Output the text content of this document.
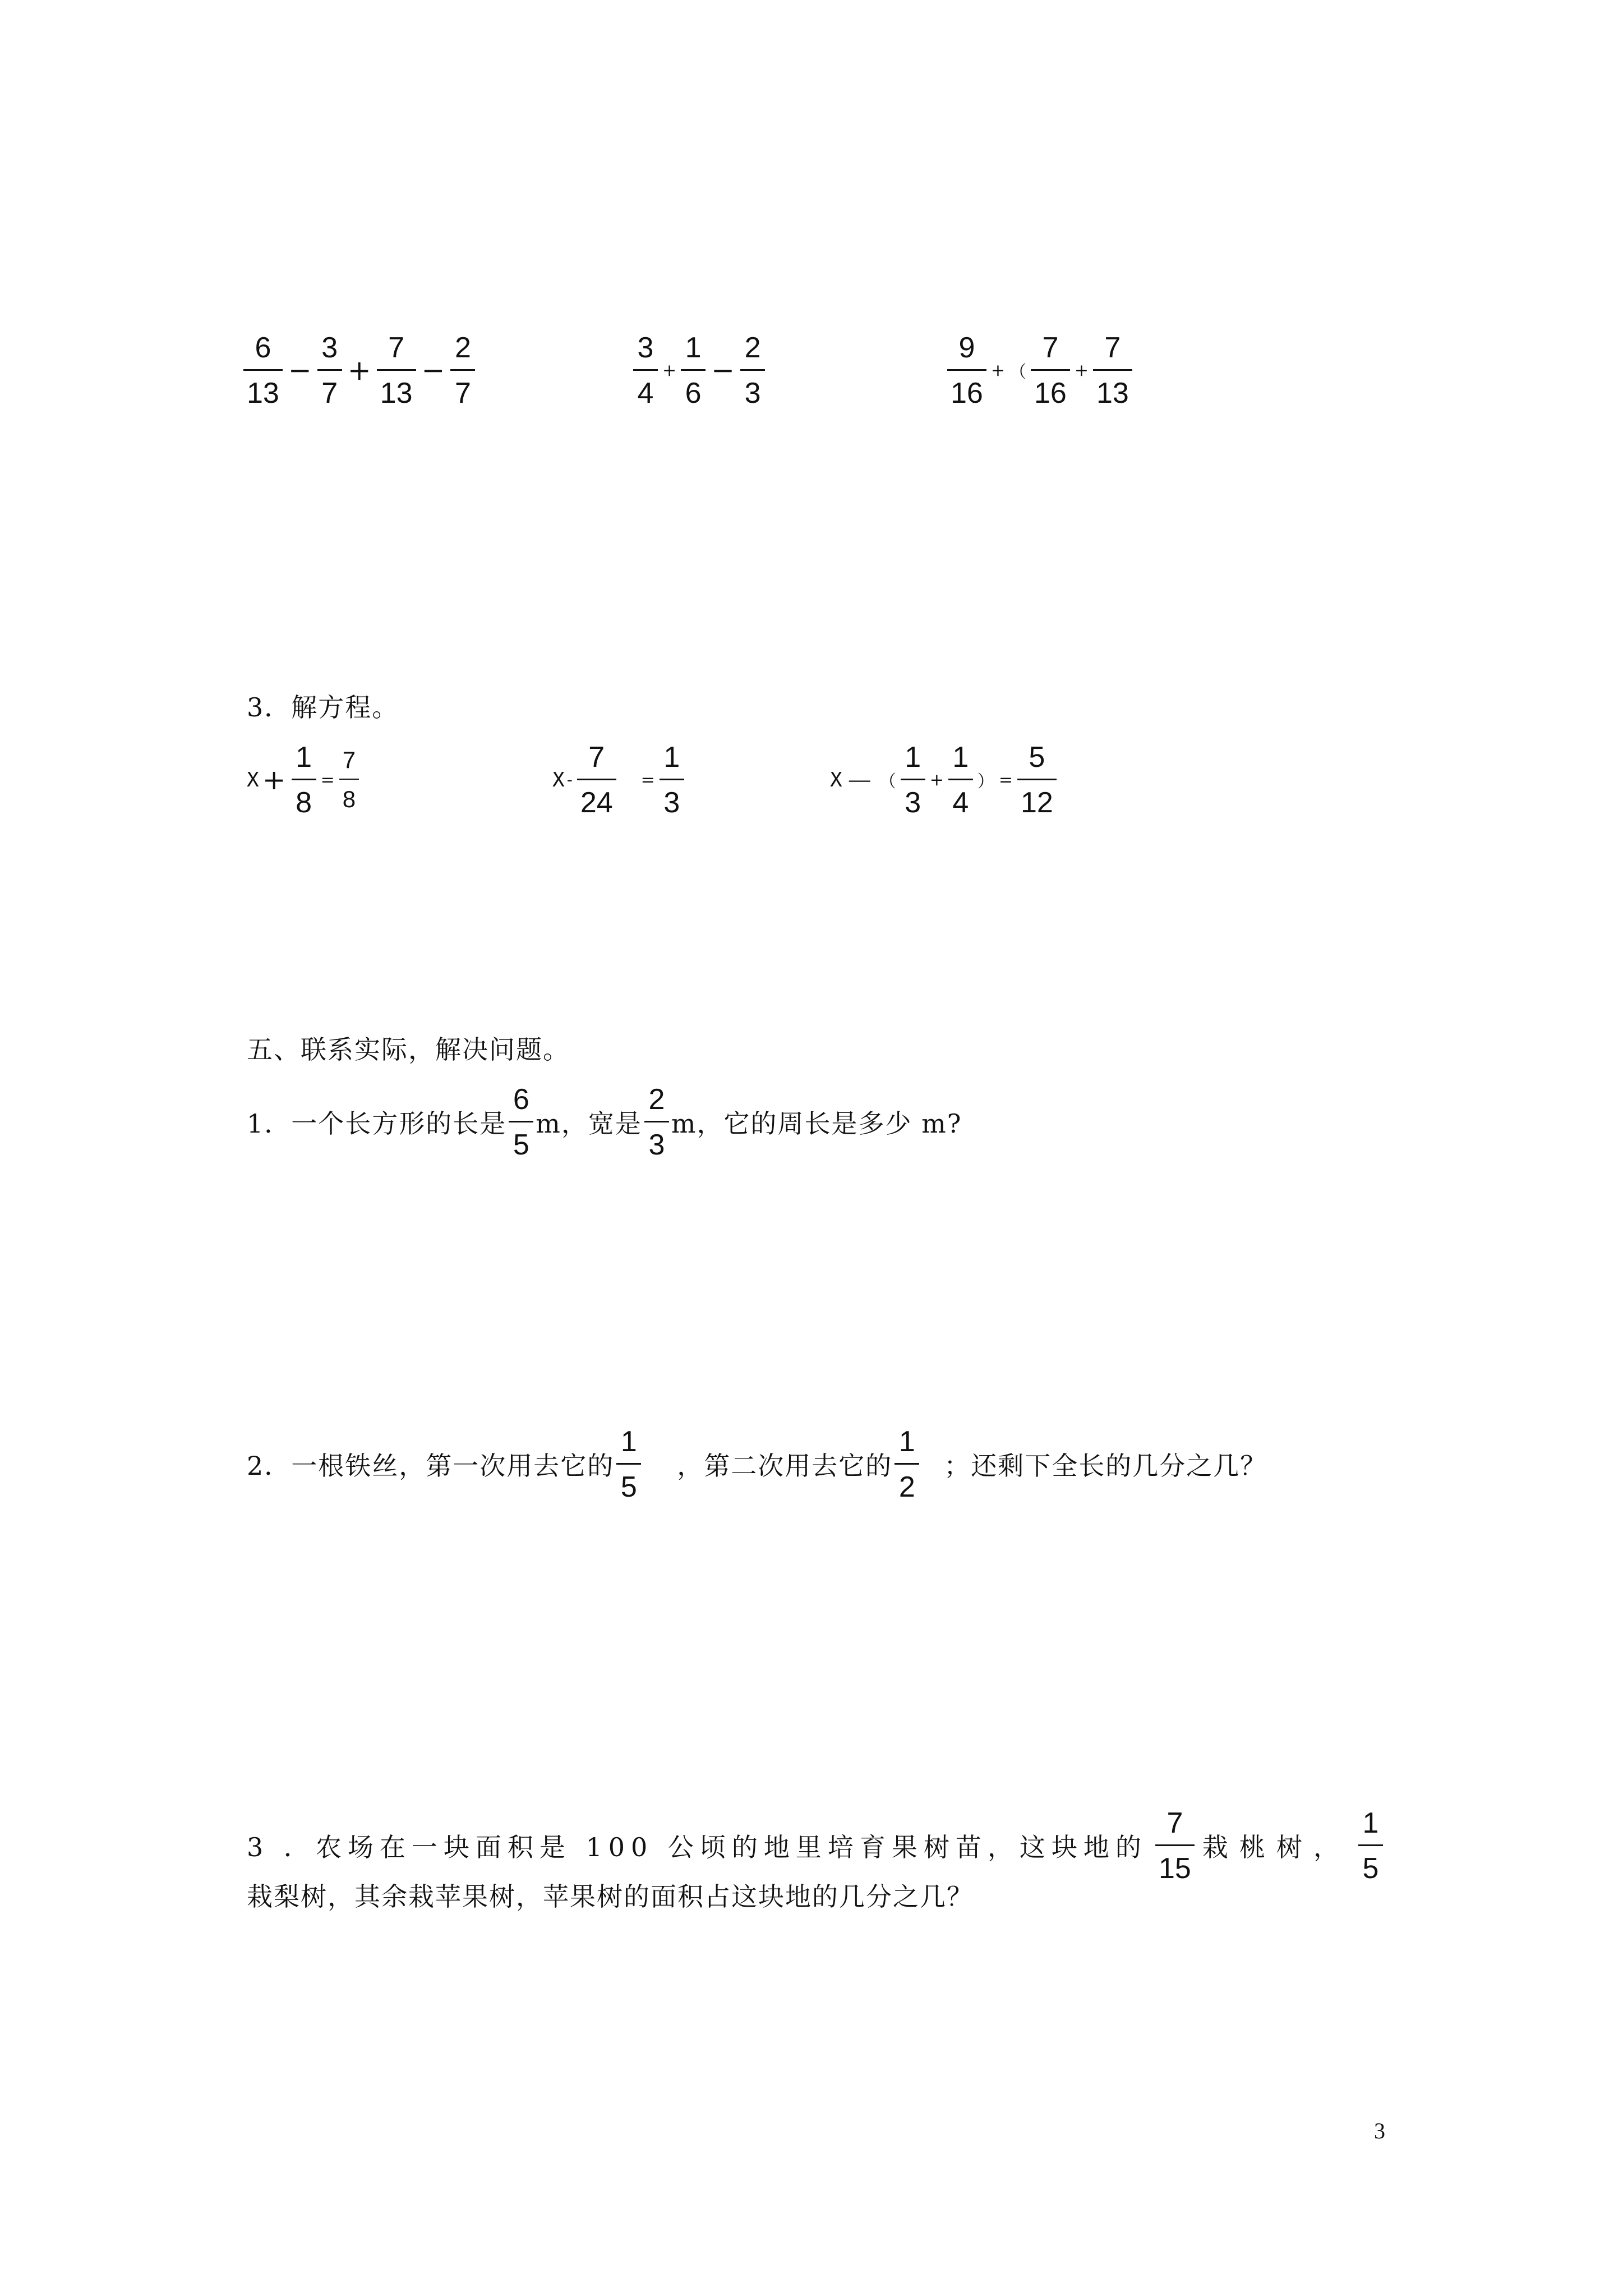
$\frac{6}{13} - \frac{3}{7} + \frac{7}{13} - \frac{2}{7}$	$\frac{3}{4} + \frac{1}{6} - \frac{2}{3}$	$\frac{9}{16}$ + （ $\frac{7}{16} + \frac{7}{13}$
3．解方程。
$X + \frac{1}{8} = \frac{7}{8}$	$X - \frac{7}{24} = \frac{1}{3}$	X － （ $\frac{1}{3} + \frac{1}{4}$ ） = $\frac{5}{12}$
五、联系实际，解决问题。
1．一个长方形的长是 $\frac{6}{5}$ m，宽是 $\frac{2}{3}$ m，它的周长是多少 m?
2．一根铁丝，第一次用去它的 $\frac{1}{5}$ ，第二次用去它的 $\frac{1}{2}$ ；还剩下全长的几分之几？
3 ．农场在一块面积是 100 公顷的地里培育果树苗，这块地的 $\frac{7}{15}$ 栽桃树， $\frac{1}{5}$
栽梨树，其余栽苹果树，苹果树的面积占这块地的几分之几？
3
